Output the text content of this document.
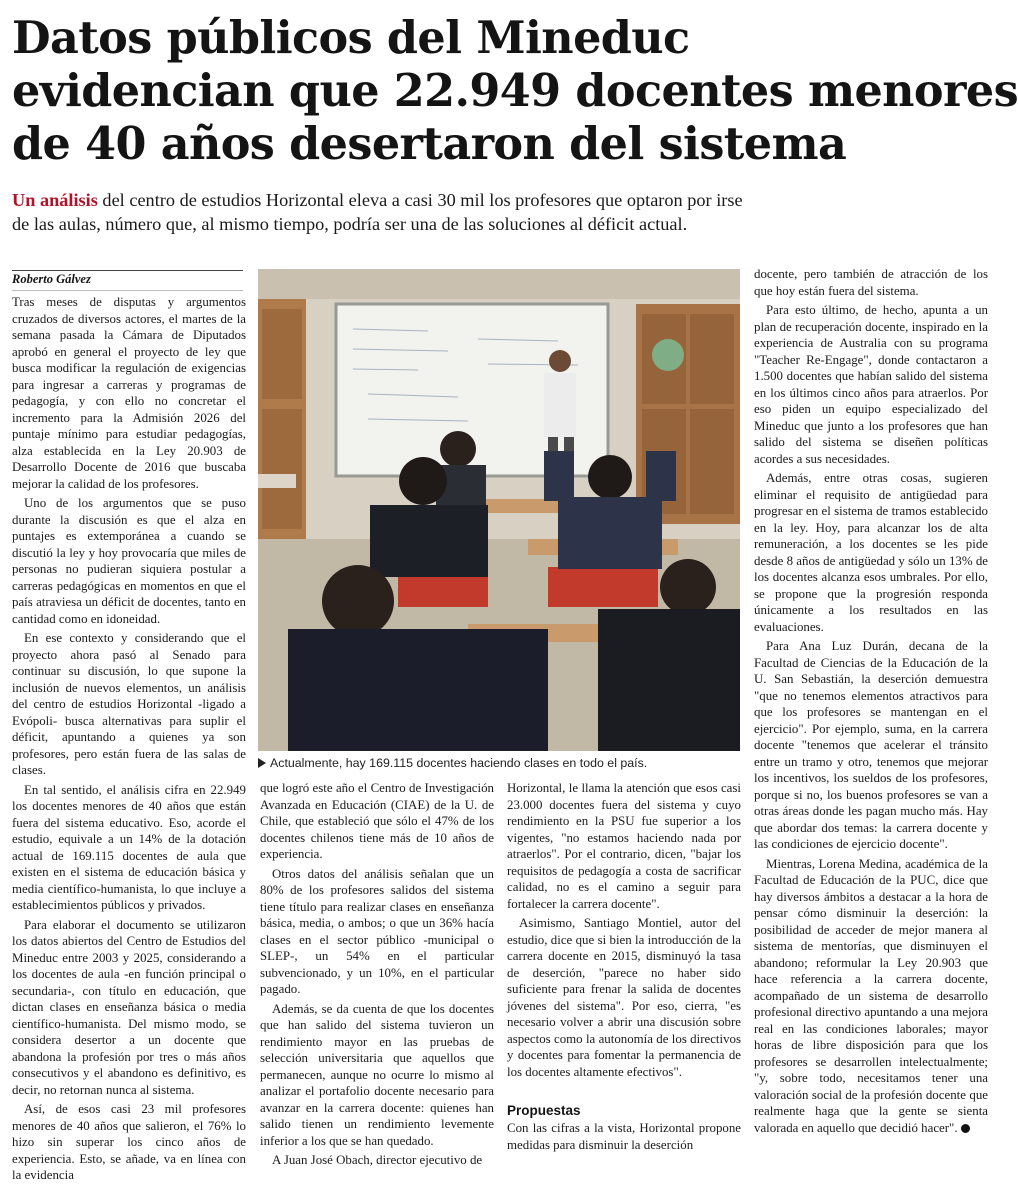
Datos públicos del Mineduc
evidencian que 22.949 docentes menores
de 40 años desertaron del sistema
Un análisis del centro de estudios Horizontal eleva a casi 30 mil los profesores que optaron por irse
de las aulas, número que, al mismo tiempo, podría ser una de las soluciones al déficit actual.
Roberto Gálvez

Tras meses de disputas y argumentos cruzados de diversos actores, el martes de la semana pasada la Cámara de Diputados aprobó en general el proyecto de ley que busca modificar la regulación de exigencias para ingresar a carreras y programas de pedagogía, y con ello no concretar el incremento para la Admisión 2026 del puntaje mínimo para estudiar pedagogías, alza establecida en la Ley 20.903 de Desarrollo Docente de 2016 que buscaba mejorar la calidad de los profesores.

Uno de los argumentos que se puso durante la discusión es que el alza en puntajes es extemporánea a cuando se discutió la ley y hoy provocaría que miles de personas no pudieran siquiera postular a carreras pedagógicas en momentos en que el país atraviesa un déficit de docentes, tanto en cantidad como en idoneidad.

En ese contexto y considerando que el proyecto ahora pasó al Senado para continuar su discusión, lo que supone la inclusión de nuevos elementos, un análisis del centro de estudios Horizontal -ligado a Evópoli- busca alternativas para suplir el déficit, apuntando a quienes ya son profesores, pero están fuera de las salas de clases.

En tal sentido, el análisis cifra en 22.949 los docentes menores de 40 años que están fuera del sistema educativo. Eso, acorde el estudio, equivale a un 14% de la dotación actual de 169.115 docentes de aula que existen en el sistema de educación básica y media científico-humanista, lo que incluye a establecimientos públicos y privados.

Para elaborar el documento se utilizaron los datos abiertos del Centro de Estudios del Mineduc entre 2003 y 2025, considerando a los docentes de aula -en función principal o secundaria-, con título en educación, que dictan clases en enseñanza básica o media científico-humanista. Del mismo modo, se considera desertor a un docente que abandona la profesión por tres o más años consecutivos y el abandono es definitivo, es decir, no retornan nunca al sistema.

Así, de esos casi 23 mil profesores menores de 40 años que salieron, el 76% lo hizo sin superar los cinco años de experiencia. Esto, se añade, va en línea con la evidencia

Actualmente, hay 169.115 docentes haciendo clases en todo el país.

que logró este año el Centro de Investigación Avanzada en Educación (CIAE) de la U. de Chile, que estableció que sólo el 47% de los docentes chilenos tiene más de 10 años de experiencia.

Otros datos del análisis señalan que un 80% de los profesores salidos del sistema tiene título para realizar clases en enseñanza básica, media, o ambos; o que un 36% hacía clases en el sector público -municipal o SLEP-, un 54% en el particular subvencionado, y un 10%, en el particular pagado.

Además, se da cuenta de que los docentes que han salido del sistema tuvieron un rendimiento mayor en las pruebas de selección universitaria que aquellos que permanecen, aunque no ocurre lo mismo al analizar el portafolio docente necesario para avanzar en la carrera docente: quienes han salido tienen un rendimiento levemente inferior a los que se han quedado.

A Juan José Obach, director ejecutivo de

Horizontal, le llama la atención que esos casi 23.000 docentes fuera del sistema y cuyo rendimiento en la PSU fue superior a los vigentes, "no estamos haciendo nada por atraerlos". Por el contrario, dicen, "bajar los requisitos de pedagogía a costa de sacrificar calidad, no es el camino a seguir para fortalecer la carrera docente".

Asimismo, Santiago Montiel, autor del estudio, dice que si bien la introducción de la carrera docente en 2015, disminuyó la tasa de deserción, "parece no haber sido suficiente para frenar la salida de docentes jóvenes del sistema". Por eso, cierra, "es necesario volver a abrir una discusión sobre aspectos como la autonomía de los directivos y docentes para fomentar la permanencia de los docentes altamente efectivos".

Propuestas

Con las cifras a la vista, Horizontal propone medidas para disminuir la deserción

docente, pero también de atracción de los que hoy están fuera del sistema.

Para esto último, de hecho, apunta a un plan de recuperación docente, inspirado en la experiencia de Australia con su programa "Teacher Re-Engage", donde contactaron a 1.500 docentes que habían salido del sistema en los últimos cinco años para atraerlos. Por eso piden un equipo especializado del Mineduc que junto a los profesores que han salido del sistema se diseñen políticas acordes a sus necesidades.

Además, entre otras cosas, sugieren eliminar el requisito de antigüedad para progresar en el sistema de tramos establecido en la ley. Hoy, para alcanzar los de alta remuneración, a los docentes se les pide desde 8 años de antigüedad y sólo un 13% de los docentes alcanza esos umbrales. Por ello, se propone que la progresión responda únicamente a los resultados en las evaluaciones.

Para Ana Luz Durán, decana de la Facultad de Ciencias de la Educación de la U. San Sebastián, la deserción demuestra "que no tenemos elementos atractivos para que los profesores se mantengan en el ejercicio". Por ejemplo, suma, en la carrera docente "tenemos que acelerar el tránsito entre un tramo y otro, tenemos que mejorar los incentivos, los sueldos de los profesores, porque si no, los buenos profesores se van a otras áreas donde les pagan mucho más. Hay que abordar dos temas: la carrera docente y las condiciones de ejercicio docente".

Mientras, Lorena Medina, académica de la Facultad de Educación de la PUC, dice que hay diversos ámbitos a destacar a la hora de pensar cómo disminuir la deserción: la posibilidad de acceder de mejor manera al sistema de mentorías, que disminuyen el abandono; reformular la Ley 20.903 que hace referencia a la carrera docente, acompañado de un sistema de desarrollo profesional directivo apuntando a una mejora real en las condiciones laborales; mayor horas de libre disposición para que los profesores se desarrollen intelectualmente; "y, sobre todo, necesitamos tener una valoración social de la profesión docente que realmente haga que la gente se sienta valorada en aquello que decidió hacer".
